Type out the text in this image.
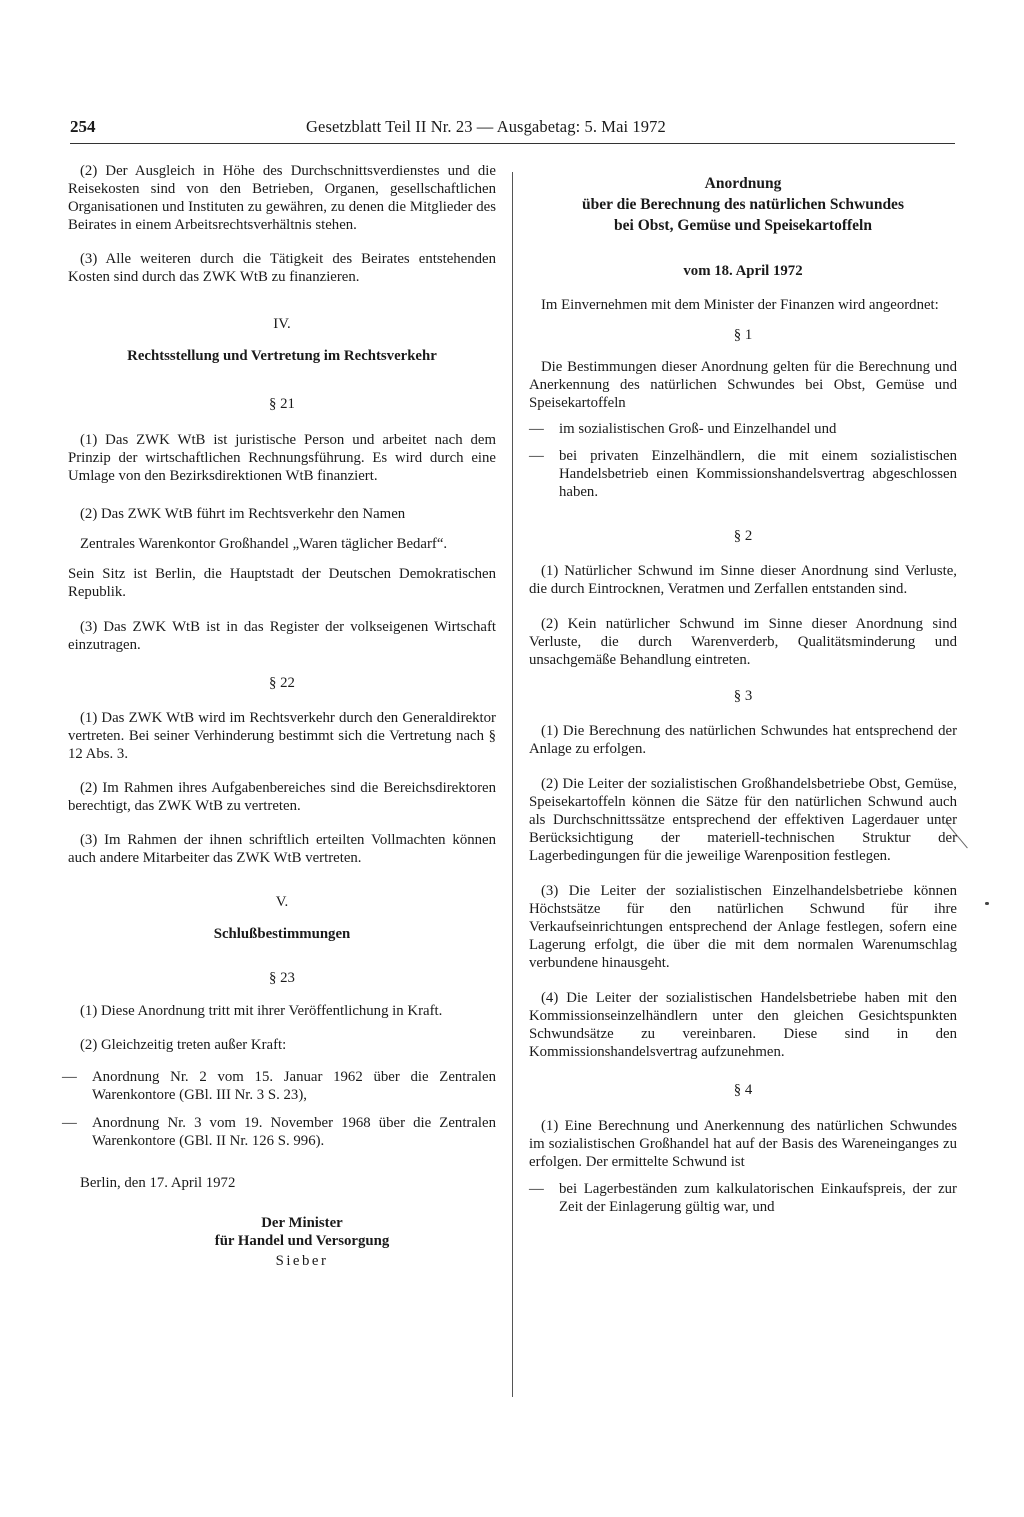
254	Gesetzblatt Teil II Nr. 23 — Ausgabetag: 5. Mai 1972

(2) Der Ausgleich in Höhe des Durchschnittsverdienstes und die Reisekosten sind von den Betrieben, Organen, gesellschaftlichen Organisationen und Instituten zu gewähren, zu denen die Mitglieder des Beirates in einem Arbeitsrechtsverhältnis stehen.

(3) Alle weiteren durch die Tätigkeit des Beirates entstehenden Kosten sind durch das ZWK WtB zu finanzieren.

IV.

Rechtsstellung und Vertretung im Rechtsverkehr

§ 21

(1) Das ZWK WtB ist juristische Person und arbeitet nach dem Prinzip der wirtschaftlichen Rechnungsführung. Es wird durch eine Umlage von den Bezirksdirektionen WtB finanziert.

(2) Das ZWK WtB führt im Rechtsverkehr den Namen

Zentrales Warenkontor Großhandel „Waren täglicher Bedarf“.

Sein Sitz ist Berlin, die Hauptstadt der Deutschen Demokratischen Republik.

(3) Das ZWK WtB ist in das Register der volkseigenen Wirtschaft einzutragen.

§ 22

(1) Das ZWK WtB wird im Rechtsverkehr durch den Generaldirektor vertreten. Bei seiner Verhinderung bestimmt sich die Vertretung nach § 12 Abs. 3.

(2) Im Rahmen ihres Aufgabenbereiches sind die Bereichsdirektoren berechtigt, das ZWK WtB zu vertreten.

(3) Im Rahmen der ihnen schriftlich erteilten Vollmachten können auch andere Mitarbeiter das ZWK WtB vertreten.

V.

Schlußbestimmungen

§ 23

(1) Diese Anordnung tritt mit ihrer Veröffentlichung in Kraft.

(2) Gleichzeitig treten außer Kraft:

— Anordnung Nr. 2 vom 15. Januar 1962 über die Zentralen Warenkontore (GBl. III Nr. 3 S. 23),

— Anordnung Nr. 3 vom 19. November 1968 über die Zentralen Warenkontore (GBl. II Nr. 126 S. 996).

Berlin, den 17. April 1972

Der Minister

für Handel und Versorgung

Sieber

Anordnung
über die Berechnung des natürlichen Schwundes
bei Obst, Gemüse und Speisekartoffeln

vom 18. April 1972

Im Einvernehmen mit dem Minister der Finanzen wird angeordnet:

§ 1

Die Bestimmungen dieser Anordnung gelten für die Berechnung und Anerkennung des natürlichen Schwundes bei Obst, Gemüse und Speisekartoffeln

— im sozialistischen Groß- und Einzelhandel und

— bei privaten Einzelhändlern, die mit einem sozialistischen Handelsbetrieb einen Kommissionshandelsvertrag abgeschlossen haben.

§ 2

(1) Natürlicher Schwund im Sinne dieser Anordnung sind Verluste, die durch Eintrocknen, Veratmen und Zerfallen entstanden sind.

(2) Kein natürlicher Schwund im Sinne dieser Anordnung sind Verluste, die durch Warenverderb, Qualitätsminderung und unsachgemäße Behandlung eintreten.

§ 3

(1) Die Berechnung des natürlichen Schwundes hat entsprechend der Anlage zu erfolgen.

(2) Die Leiter der sozialistischen Großhandelsbetriebe Obst, Gemüse, Speisekartoffeln können die Sätze für den natürlichen Schwund auch als Durchschnittssätze entsprechend der effektiven Lagerdauer unter Berücksichtigung der materiell-technischen Struktur der Lagerbedingungen für die jeweilige Warenposition festlegen.

(3) Die Leiter der sozialistischen Einzelhandelsbetriebe können Höchstsätze für den natürlichen Schwund für ihre Verkaufseinrichtungen entsprechend der Anlage festlegen, sofern eine Lagerung erfolgt, die über die mit dem normalen Warenumschlag verbundene hinausgeht.

(4) Die Leiter der sozialistischen Handelsbetriebe haben mit den Kommissionseinzelhändlern unter den gleichen Gesichtspunkten Schwundsätze zu vereinbaren. Diese sind in den Kommissionshandelsvertrag aufzunehmen.

§ 4

(1) Eine Berechnung und Anerkennung des natürlichen Schwundes im sozialistischen Großhandel hat auf der Basis des Wareneinganges zu erfolgen. Der ermittelte Schwund ist

— bei Lagerbeständen zum kalkulatorischen Einkaufspreis, der zur Zeit der Einlagerung gültig war, und
